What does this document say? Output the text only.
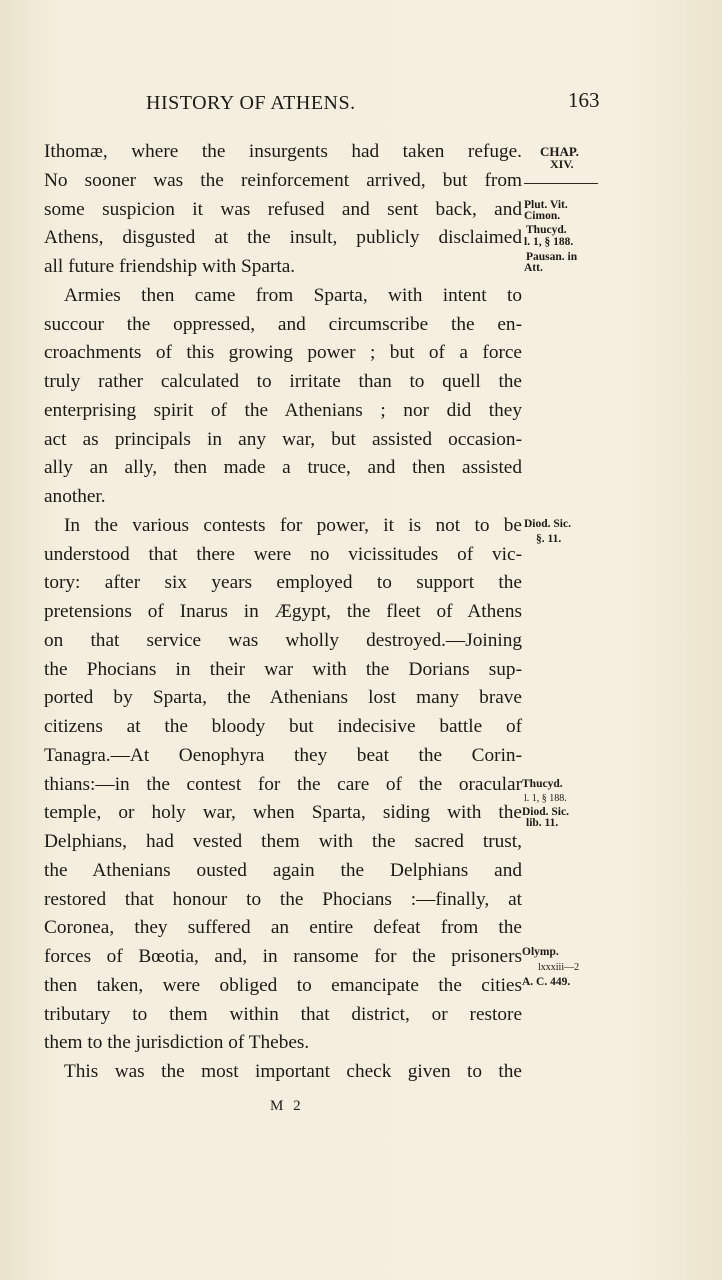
HISTORY OF ATHENS.	163
Ithomæ, where the insurgents had taken refuge.
No sooner was the reinforcement arrived, but from
some suspicion it was refused and sent back, and
Athens, disgusted at the insult, publicly disclaimed
all future friendship with Sparta.
Armies then came from Sparta, with intent to
succour the oppressed, and circumscribe the en-
croachments of this growing power ; but of a force
truly rather calculated to irritate than to quell the
enterprising spirit of the Athenians ; nor did they
act as principals in any war, but assisted occasion-
ally an ally, then made a truce, and then assisted
another.
In the various contests for power, it is not to be
understood that there were no vicissitudes of vic-
tory: after six years employed to support the
pretensions of Inarus in Ægypt, the fleet of Athens
on that service was wholly destroyed.—Joining
the Phocians in their war with the Dorians sup-
ported by Sparta, the Athenians lost many brave
citizens at the bloody but indecisive battle of
Tanagra.—At Oenophyra they beat the Corin-
thians:—in the contest for the care of the oracular
temple, or holy war, when Sparta, siding with the
Delphians, had vested them with the sacred trust,
the Athenians ousted again the Delphians and
restored that honour to the Phocians :—finally, at
Coronea, they suffered an entire defeat from the
forces of Bœotia, and, in ransome for the prisoners
then taken, were obliged to emancipate the cities
tributary to them within that district, or restore
them to the jurisdiction of Thebes.
This was the most important check given to the
CHAP.
XIV.
Plut. Vit.
Cimon.
Thucyd.
l. 1, § 188.
Pausan. in
Att.
Diod. Sic.
§. 11.
Thucyd.
l. 1, § 188.
Diod. Sic.
lib. 11.
Olymp.
lxxxiii—2
A. C. 449.
M 2
